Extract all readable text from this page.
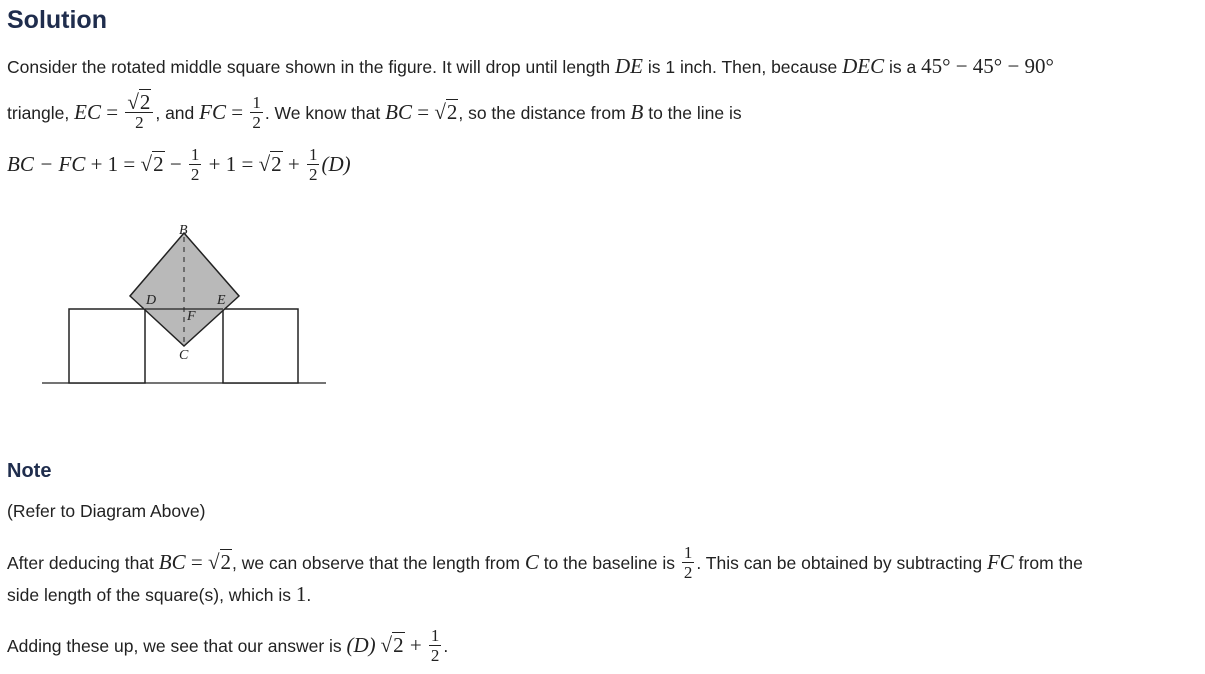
Solution

Consider the rotated middle square shown in the figure. It will drop until length DE is 1 inch. Then, because DEC is a 45° − 45° − 90°

triangle, EC = $\frac{√2}{2}$ , and FC = $\frac{1}{2}$ . We know that BC = √2, so the distance from B to the line is

BC − FC + $1 = √2 - \frac{1}{2} + 1 = √2 + \frac{1}{2} (D)$

B
D	E
F
C
Note

(Refer to Diagram Above)

After deducing that BC = √2, we can observe that the length from C to the baseline is $\frac{1}{2}$ . This can be obtained by subtracting FC from the

side length of the square(s), which is 1.

Adding these up, we see that our answer is (D) $√2 + \frac{1}{2}$ .
